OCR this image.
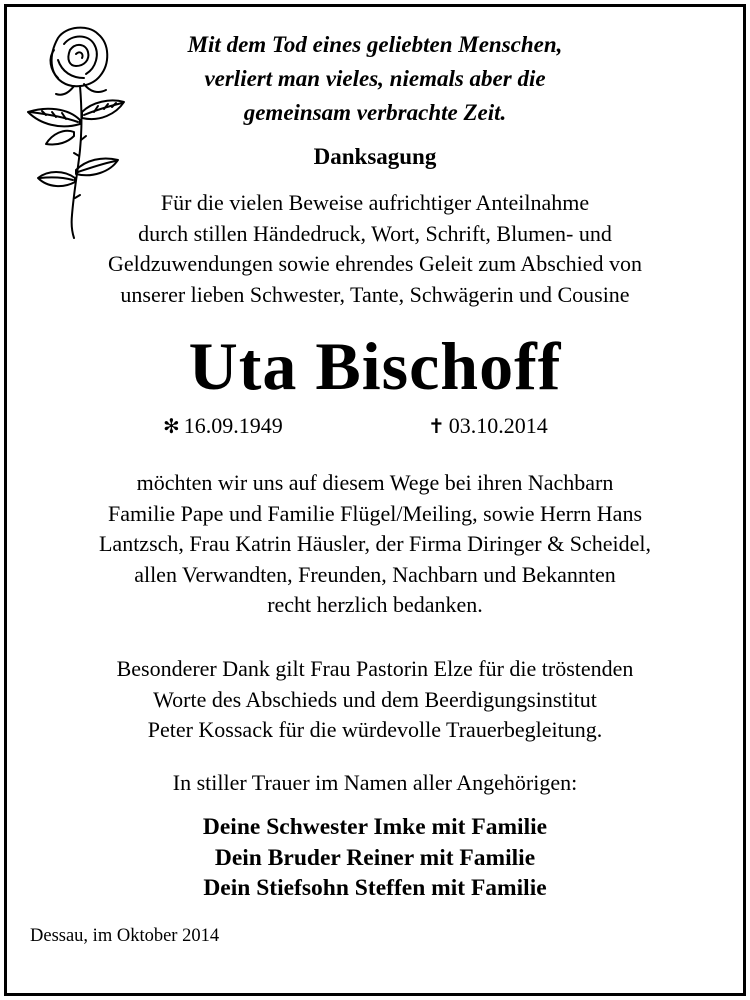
Mit dem Tod eines geliebten Menschen,
verliert man vieles, niemals aber die
gemeinsam verbrachte Zeit.
Danksagung
Für die vielen Beweise aufrichtiger Anteilnahme
durch stillen Händedruck, Wort, Schrift, Blumen- und
Geldzuwendungen sowie ehrendes Geleit zum Abschied von
unserer lieben Schwester, Tante, Schwägerin und Cousine
Uta Bischoff
✻ 16.09.1949	✝ 03.10.2014
möchten wir uns auf diesem Wege bei ihren Nachbarn
Familie Pape und Familie Flügel/Meiling, sowie Herrn Hans
Lantzsch, Frau Katrin Häusler, der Firma Diringer & Scheidel,
allen Verwandten, Freunden, Nachbarn und Bekannten
recht herzlich bedanken.
Besonderer Dank gilt Frau Pastorin Elze für die tröstenden
Worte des Abschieds und dem Beerdigungsinstitut
Peter Kossack für die würdevolle Trauerbegleitung.
In stiller Trauer im Namen aller Angehörigen:
Deine Schwester Imke mit Familie
Dein Bruder Reiner mit Familie
Dein Stiefsohn Steffen mit Familie
Dessau, im Oktober 2014
